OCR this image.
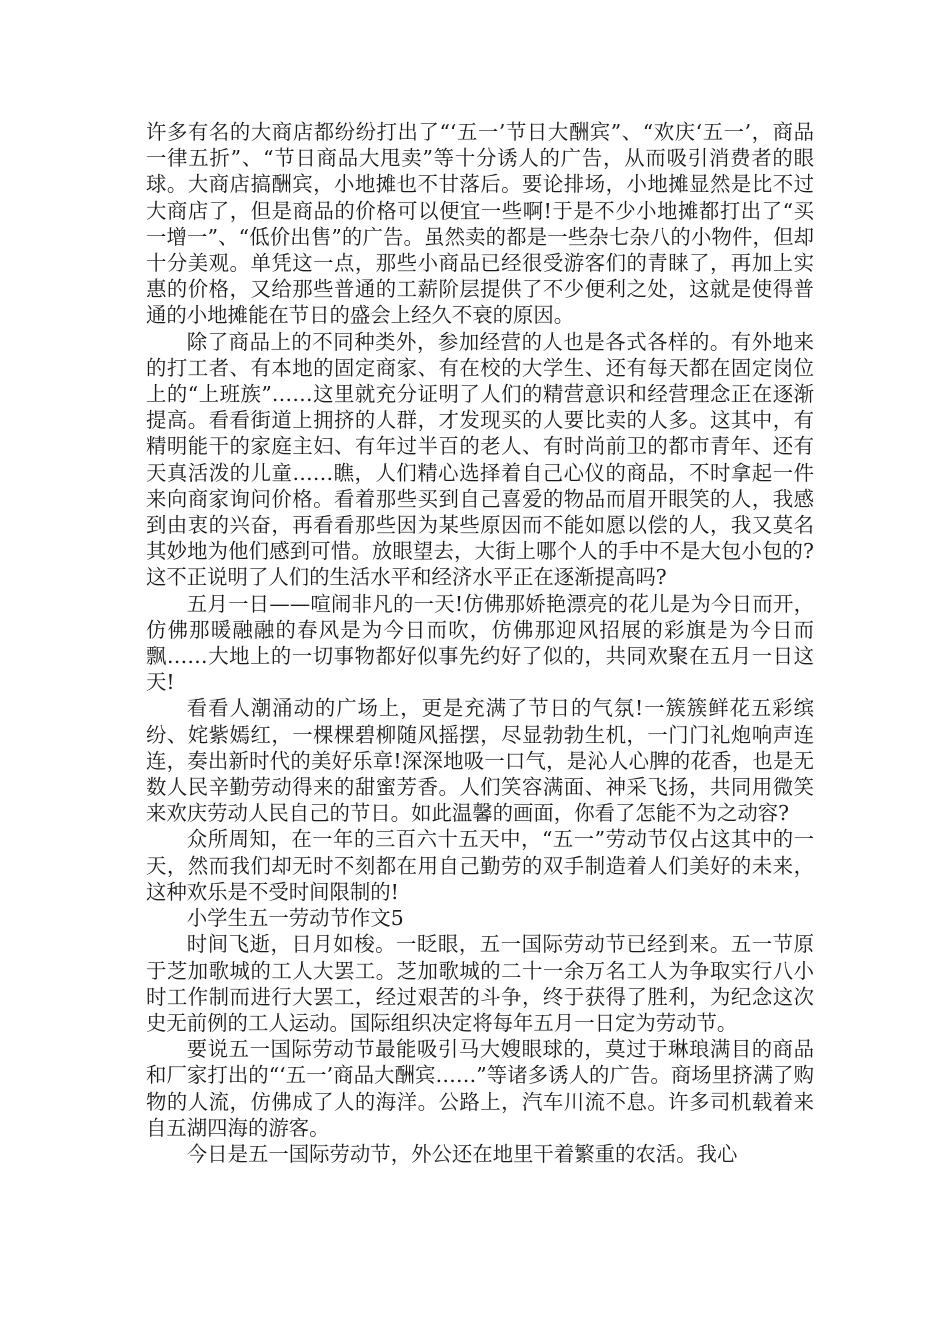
许多有名的大商店都纷纷打出了“‘五一’节日大酬宾”、“欢庆‘五一’，商品一律五折”、“节日商品大甩卖”等十分诱人的广告，从而吸引消费者的眼球。大商店搞酬宾，小地摊也不甘落后。要论排场，小地摊显然是比不过大商店了，但是商品的价格可以便宜一些啊!于是不少小地摊都打出了“买一增一”、“低价出售”的广告。虽然卖的都是一些杂七杂八的小物件，但却十分美观。单凭这一点，那些小商品已经很受游客们的青睐了，再加上实惠的价格，又给那些普通的工薪阶层提供了不少便利之处，这就是使得普通的小地摊能在节日的盛会上经久不衰的原因。

除了商品上的不同种类外，参加经营的人也是各式各样的。有外地来的打工者、有本地的固定商家、有在校的大学生、还有每天都在固定岗位上的“上班族”……这里就充分证明了人们的精营意识和经营理念正在逐渐提高。看看街道上拥挤的人群，才发现买的人要比卖的人多。这其中，有精明能干的家庭主妇、有年过半百的老人、有时尚前卫的都市青年、还有天真活泼的儿童……瞧，人们精心选择着自己心仪的商品，不时拿起一件来向商家询问价格。看着那些买到自己喜爱的物品而眉开眼笑的人，我感到由衷的兴奋，再看看那些因为某些原因而不能如愿以偿的人，我又莫名其妙地为他们感到可惜。放眼望去，大街上哪个人的手中不是大包小包的?这不正说明了人们的生活水平和经济水平正在逐渐提高吗?

五月一日——喧闹非凡的一天!仿佛那娇艳漂亮的花儿是为今日而开，仿佛那暖融融的春风是为今日而吹，仿佛那迎风招展的彩旗是为今日而飘……大地上的一切事物都好似事先约好了似的，共同欢聚在五月一日这天!

看看人潮涌动的广场上，更是充满了节日的气氛!一簇簇鲜花五彩缤纷、姹紫嫣红，一棵棵碧柳随风摇摆，尽显勃勃生机，一门门礼炮响声连连，奏出新时代的美好乐章!深深地吸一口气，是沁人心脾的花香，也是无数人民辛勤劳动得来的甜蜜芳香。人们笑容满面、神采飞扬，共同用微笑来欢庆劳动人民自己的节日。如此温馨的画面，你看了怎能不为之动容?

众所周知，在一年的三百六十五天中，“五一”劳动节仅占这其中的一天，然而我们却无时不刻都在用自己勤劳的双手制造着人们美好的未来，这种欢乐是不受时间限制的!

小学生五一劳动节作文5

时间飞逝，日月如梭。一眨眼，五一国际劳动节已经到来。五一节原于芝加歌城的工人大罢工。芝加歌城的二十一余万名工人为争取实行八小时工作制而进行大罢工，经过艰苦的斗争，终于获得了胜利，为纪念这次史无前例的工人运动。国际组织决定将每年五月一日定为劳动节。

要说五一国际劳动节最能吸引马大嫂眼球的，莫过于琳琅满目的商品和厂家打出的“‘五一’商品大酬宾……”等诸多诱人的广告。商场里挤满了购物的人流，仿佛成了人的海洋。公路上，汽车川流不息。许多司机载着来自五湖四海的游客。

今日是五一国际劳动节，外公还在地里干着繁重的农活。我心
